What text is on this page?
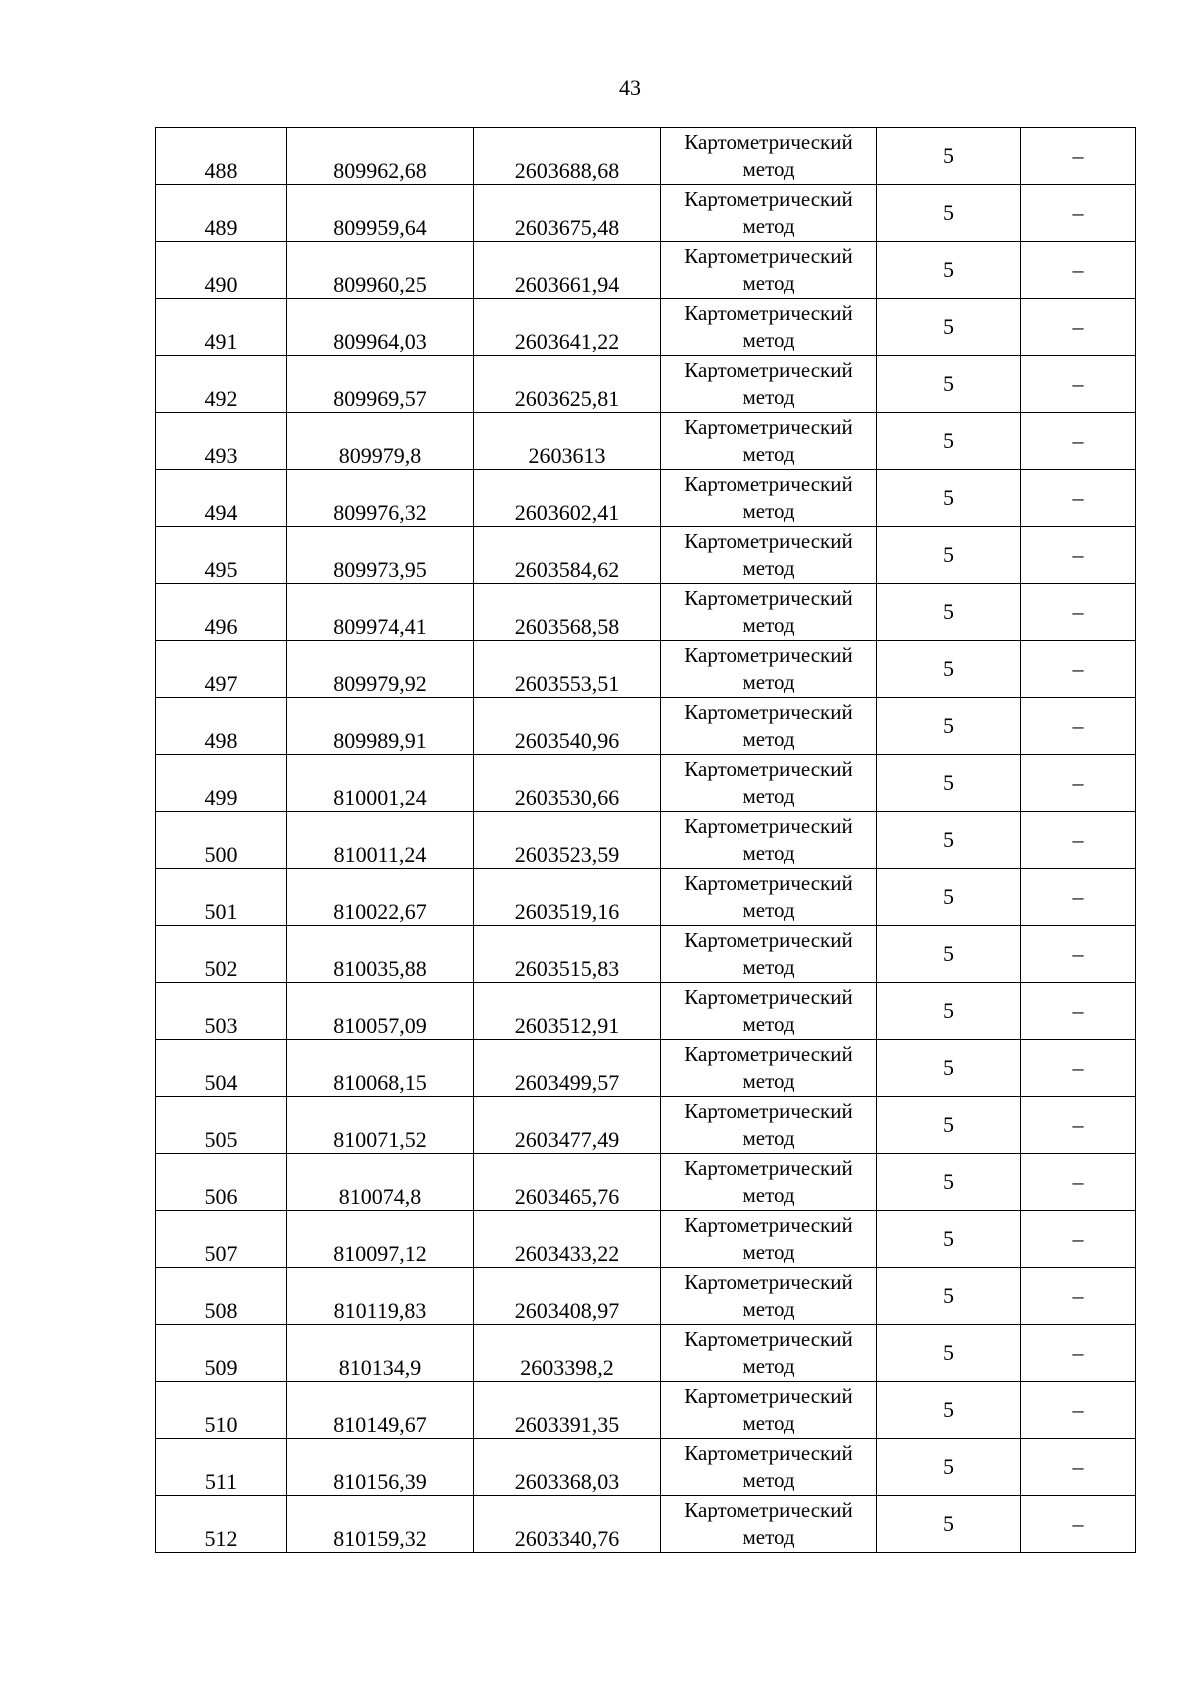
43
488	809962,68	2603688,68	Картометрический
метод	5	–

489	809959,64	2603675,48	Картометрический
метод	5	–

490	809960,25	2603661,94	Картометрический
метод	5	–

491	809964,03	2603641,22	Картометрический
метод	5	–

492	809969,57	2603625,81	Картометрический
метод	5	–

493	809979,8	2603613	Картометрический
метод	5	–

494	809976,32	2603602,41	Картометрический
метод	5	–

495	809973,95	2603584,62	Картометрический
метод	5	–

496	809974,41	2603568,58	Картометрический
метод	5	–

497	809979,92	2603553,51	Картометрический
метод	5	–

498	809989,91	2603540,96	Картометрический
метод	5	–

499	810001,24	2603530,66	Картометрический
метод	5	–

500	810011,24	2603523,59	Картометрический
метод	5	–

501	810022,67	2603519,16	Картометрический
метод	5	–

502	810035,88	2603515,83	Картометрический
метод	5	–

503	810057,09	2603512,91	Картометрический
метод	5	–

504	810068,15	2603499,57	Картометрический
метод	5	–

505	810071,52	2603477,49	Картометрический
метод	5	–

506	810074,8	2603465,76	Картометрический
метод	5	–

507	810097,12	2603433,22	Картометрический
метод	5	–

508	810119,83	2603408,97	Картометрический
метод	5	–

509	810134,9	2603398,2	Картометрический
метод	5	–

510	810149,67	2603391,35	Картометрический
метод	5	–

511	810156,39	2603368,03	Картометрический
метод	5	–

512	810159,32	2603340,76	Картометрический
метод	5	–
